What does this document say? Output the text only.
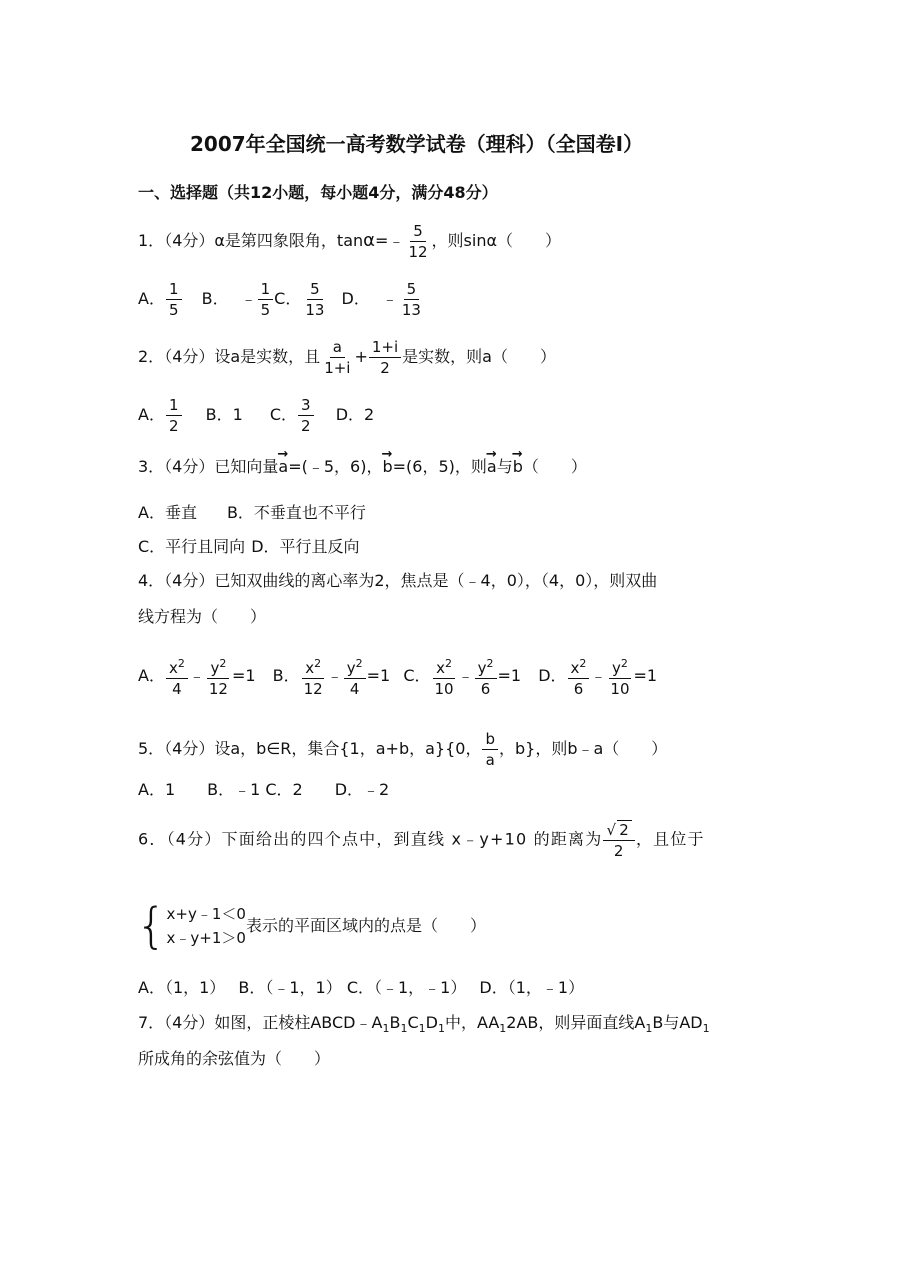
2007年全国统一高考数学试卷（理科）（全国卷Ⅰ）
一、选择题（共12小题，每小题4分，满分48分）
1．（4分）α是第四象限角，tanα=﹣ $\frac{5}{12}$ ，则sinα（　　）
A． $\frac{1}{5}$ B． ﹣ $\frac{1}{5}$ C． $\frac{5}{13}$ D． ﹣ $\frac{5}{13}$
2．（4分）设a是实数，且 $\frac{a}{1+i} + \frac{1+i}{2}$ 是实数，则a（　　）
A． $\frac{1}{2}$ B．1 C． $\frac{3}{2}$ D．2
3．（4分）已知向量→ a=(﹣5，6)，→ b=(6，5)，则→ a与→ b（　　）
A．垂直 B．不垂直也不平行
C．平行且同向 D．平行且反向
4．（4分）已知双曲线的离心率为2，焦点是（﹣4，0），（4，0），则双曲
线方程为（　　）
A． $\frac{x^2}{4}$ ﹣ $\frac{y^2}{12} =1$ B． $\frac{x^2}{12}$ ﹣ $\frac{y^2}{4} =1$ C． $\frac{x^2}{10}$ ﹣ $\frac{y^2}{6} =1$ D． $\frac{x^2}{6}$ ﹣ $\frac{y^2}{10} =1$
5．（4分）设a，b∈R，集合{1，a+b，a}{0， $\frac{b}{a}$ ，b}，则b﹣a（　　）
A．1　　B．﹣1 C．2　　D．﹣2
6．（4分）下面给出的四个点中，到直线 x﹣y+10 的距离为 $\frac{√ 2}{2}$ ，且位于
{ x+y﹣1＜0
x﹣y+1＞0
表示的平面区域内的点是（　　）
A．（1，1）　 B．（﹣1，1） C．（﹣1，﹣1）　 D．（1，﹣1）
7．（4分）如图，正棱柱$ABCD﹣A_1B_1C_1D_1$中，$AA_12AB$，则异面直线$A_1B$与$AD_1$
所成角的余弦值为（　　）
